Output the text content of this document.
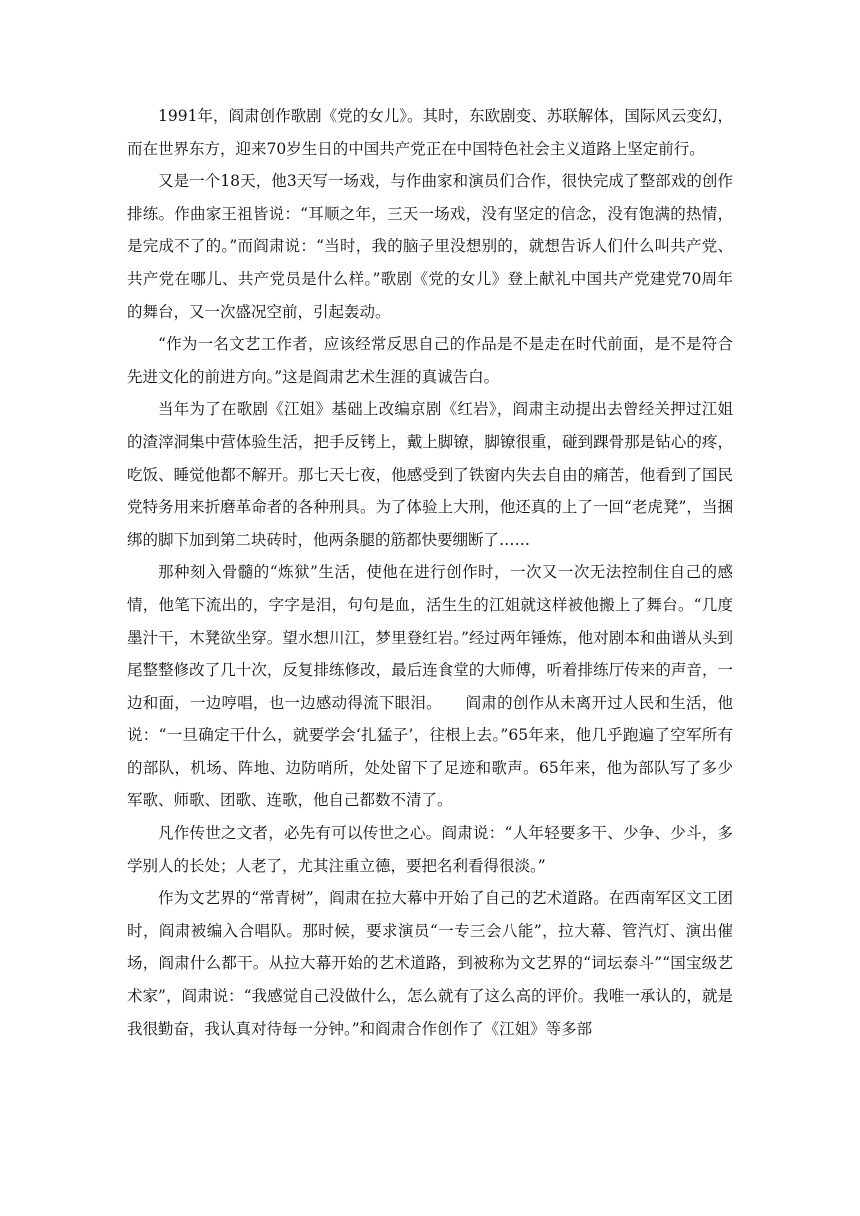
1991年，阎肃创作歌剧《党的女儿》。其时，东欧剧变、苏联解体，国际风云变幻，而在世界东方，迎来70岁生日的中国共产党正在中国特色社会主义道路上坚定前行。

又是一个18天，他3天写一场戏，与作曲家和演员们合作，很快完成了整部戏的创作排练。作曲家王祖皆说：“耳顺之年，三天一场戏，没有坚定的信念，没有饱满的热情，是完成不了的。”而阎肃说：“当时，我的脑子里没想别的，就想告诉人们什么叫共产党、共产党在哪儿、共产党员是什么样。”歌剧《党的女儿》登上献礼中国共产党建党70周年的舞台，又一次盛况空前，引起轰动。

“作为一名文艺工作者，应该经常反思自己的作品是不是走在时代前面，是不是符合先进文化的前进方向。”这是阎肃艺术生涯的真诚告白。

当年为了在歌剧《江姐》基础上改编京剧《红岩》，阎肃主动提出去曾经关押过江姐的渣滓洞集中营体验生活，把手反铐上，戴上脚镣，脚镣很重，碰到踝骨那是钻心的疼，吃饭、睡觉他都不解开。那七天七夜，他感受到了铁窗内失去自由的痛苦，他看到了国民党特务用来折磨革命者的各种刑具。为了体验上大刑，他还真的上了一回“老虎凳”，当捆绑的脚下加到第二块砖时，他两条腿的筋都快要绷断了……

那种刻入骨髓的“炼狱”生活，使他在进行创作时，一次又一次无法控制住自己的感情，他笔下流出的，字字是泪，句句是血，活生生的江姐就这样被他搬上了舞台。“几度墨汁干，木凳欲坐穿。望水想川江，梦里登红岩。”经过两年锤炼，他对剧本和曲谱从头到尾整整修改了几十次，反复排练修改，最后连食堂的大师傅，听着排练厅传来的声音，一边和面，一边哼唱，也一边感动得流下眼泪。　　阎肃的创作从未离开过人民和生活，他说：“一旦确定干什么，就要学会‘扎猛子’，往根上去。”65年来，他几乎跑遍了空军所有的部队，机场、阵地、边防哨所，处处留下了足迹和歌声。65年来，他为部队写了多少军歌、师歌、团歌、连歌，他自己都数不清了。

凡作传世之文者，必先有可以传世之心。阎肃说：“人年轻要多干、少争、少斗，多学别人的长处；人老了，尤其注重立德，要把名利看得很淡。”

作为文艺界的“常青树”，阎肃在拉大幕中开始了自己的艺术道路。在西南军区文工团时，阎肃被编入合唱队。那时候，要求演员“一专三会八能”，拉大幕、管汽灯、演出催场，阎肃什么都干。从拉大幕开始的艺术道路，到被称为文艺界的“词坛泰斗”“国宝级艺术家”，阎肃说：“我感觉自己没做什么，怎么就有了这么高的评价。我唯一承认的，就是我很勤奋，我认真对待每一分钟。”和阎肃合作创作了《江姐》等多部
